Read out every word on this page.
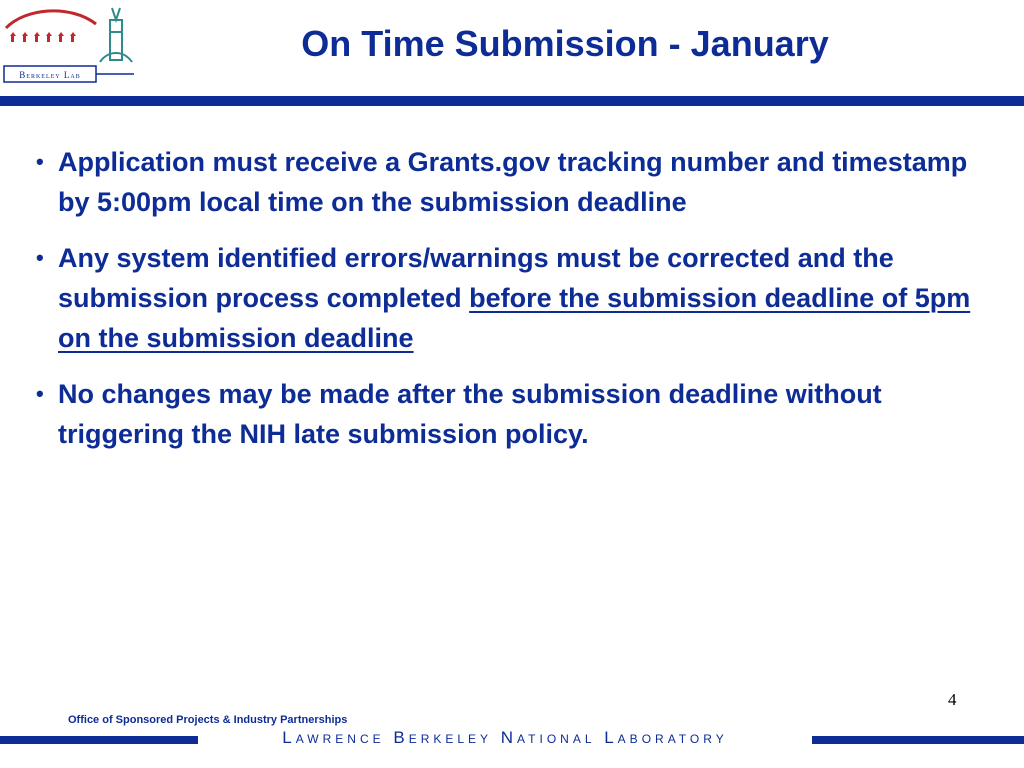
Berkeley Lab
On Time Submission - January
• Application must receive a Grants.gov tracking number and timestamp by 5:00pm local time on the submission deadline
• Any system identified errors/warnings must be corrected and the submission process completed before the submission deadline of 5pm on the submission deadline
• No changes may be made after the submission deadline without triggering the NIH late submission policy.
4
Office of Sponsored Projects & Industry Partnerships
Lawrence Berkeley National Laboratory
